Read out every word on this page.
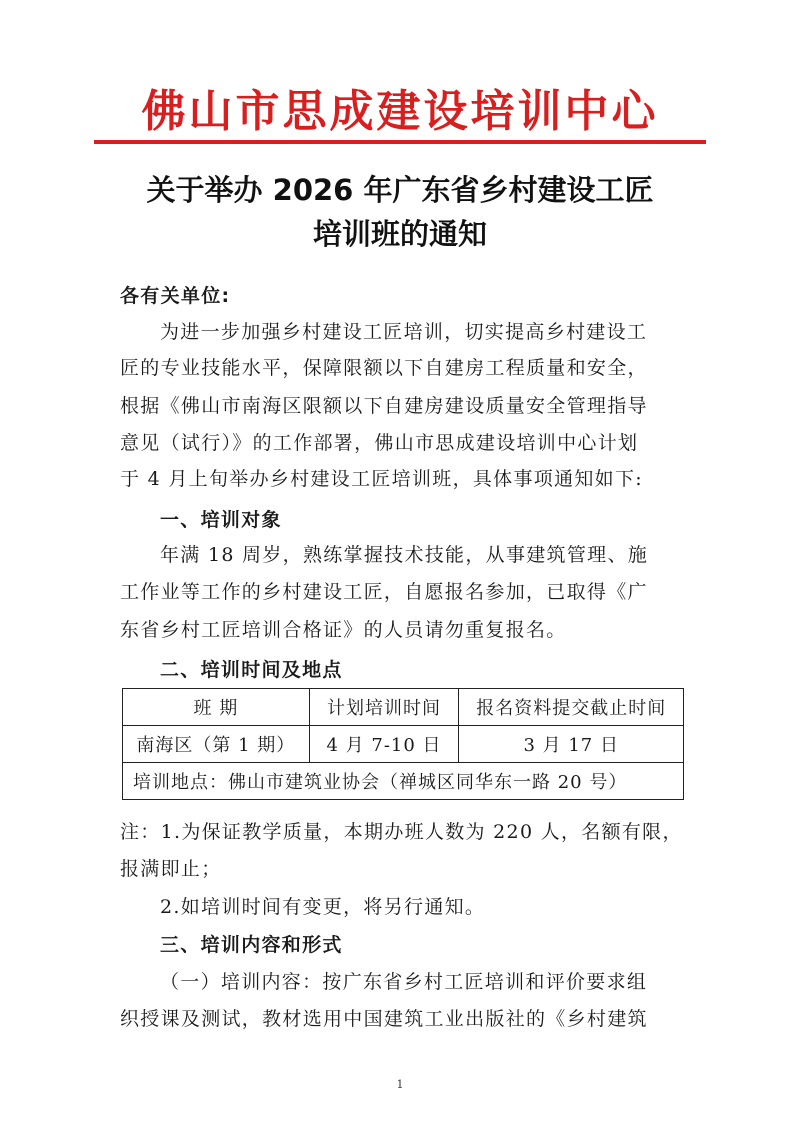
佛山市思成建设培训中心
关于举办 2026 年广东省乡村建设工匠
培训班的通知
各有关单位:
为进一步加强乡村建设工匠培训，切实提高乡村建设工
匠的专业技能水平，保障限额以下自建房工程质量和安全，
根据《佛山市南海区限额以下自建房建设质量安全管理指导
意见（试行）》的工作部署，佛山市思成建设培训中心计划
于 4 月上旬举办乡村建设工匠培训班，具体事项通知如下:
一、培训对象
年满 18 周岁，熟练掌握技术技能，从事建筑管理、施
工作业等工作的乡村建设工匠，自愿报名参加，已取得《广
东省乡村工匠培训合格证》的人员请勿重复报名。
二、培训时间及地点
班 期	计划培训时间	报名资料提交截止时间
南海区（第 1 期）	4 月 7-10 日	3 月 17 日
培训地点：佛山市建筑业协会（禅城区同华东一路 20 号）		
注：1.为保证教学质量，本期办班人数为 220 人，名额有限，
报满即止；
2.如培训时间有变更，将另行通知。
三、培训内容和形式
（一）培训内容：按广东省乡村工匠培训和评价要求组
织授课及测试，教材选用中国建筑工业出版社的《乡村建筑
1
